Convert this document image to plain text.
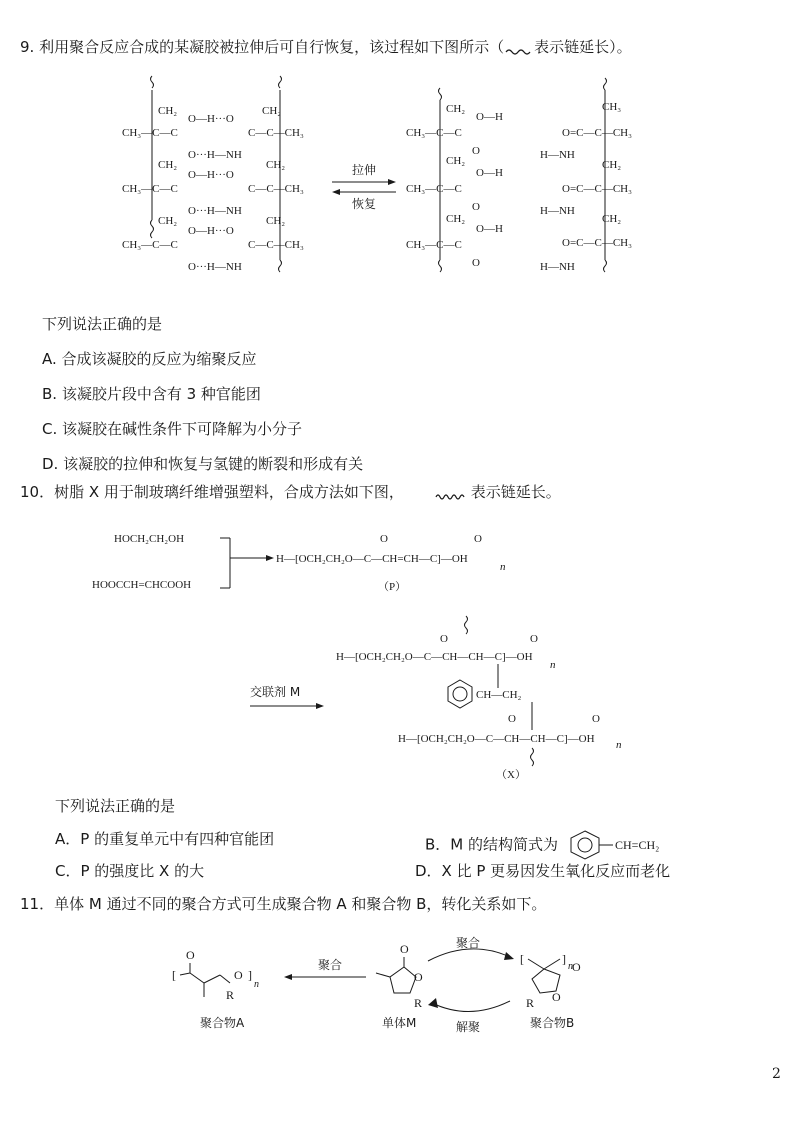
9. 利用聚合反应合成的某凝胶被拉伸后可自行恢复，该过程如下图所示（ 表示链延长）。
CH₂
CH₃—C—C
CH₂
CH₃—C—C
CH₂
CH₃—C—C
O—H···O
O···H—NH
O—H···O
O···H—NH
O—H···O
O···H—NH
CH₂
C—C—CH₃
CH₂
C—C—CH₃
CH₂
C—C—CH₃
拉伸
恢复
CH₂
CH₃—C—C
O—H
O
CH₂
CH₃—C—C
O—H
O
CH₂
CH₃—C—C
O—H
O
CH₃
O=C—C—CH₃
H—NH
CH₂
O=C—C—CH₃
H—NH
CH₂
O=C—C—CH₃
H—NH
下列说法正确的是
A. 合成该凝胶的反应为缩聚反应
B. 该凝胶片段中含有 3 种官能团
C. 该凝胶在碱性条件下可降解为小分子
D. 该凝胶的拉伸和恢复与氢键的断裂和形成有关
10．树脂 X 用于制玻璃纤维增强塑料，合成方法如下图，	表示链延长。
HOCH₂CH₂OH
HOOCCH=CHCOOH
H—[OCH₂CH₂O—C—CH=CH—C]—OH
O	O
n
（P）
交联剂 M
H—[OCH₂CH₂O—C—CH—CH—C]—OH
O	O
n
CH—CH₂
H—[OCH₂CH₂O—C—CH—CH—C]—OH
O	O
n
（X）
下列说法正确的是
A．P 的重复单元中有四种官能团	B．M 的结构简式为	CH=CH₂
C．P 的强度比 X 的大	D．X 比 P 更易因发生氧化反应而老化
11．单体 M 通过不同的聚合方式可生成聚合物 A 和聚合物 B，转化关系如下。
O
[
R
O ]
n
聚合物A
聚合
O
O
R
单体M
聚合
解聚
[	]
n O
O
R
聚合物B
2
